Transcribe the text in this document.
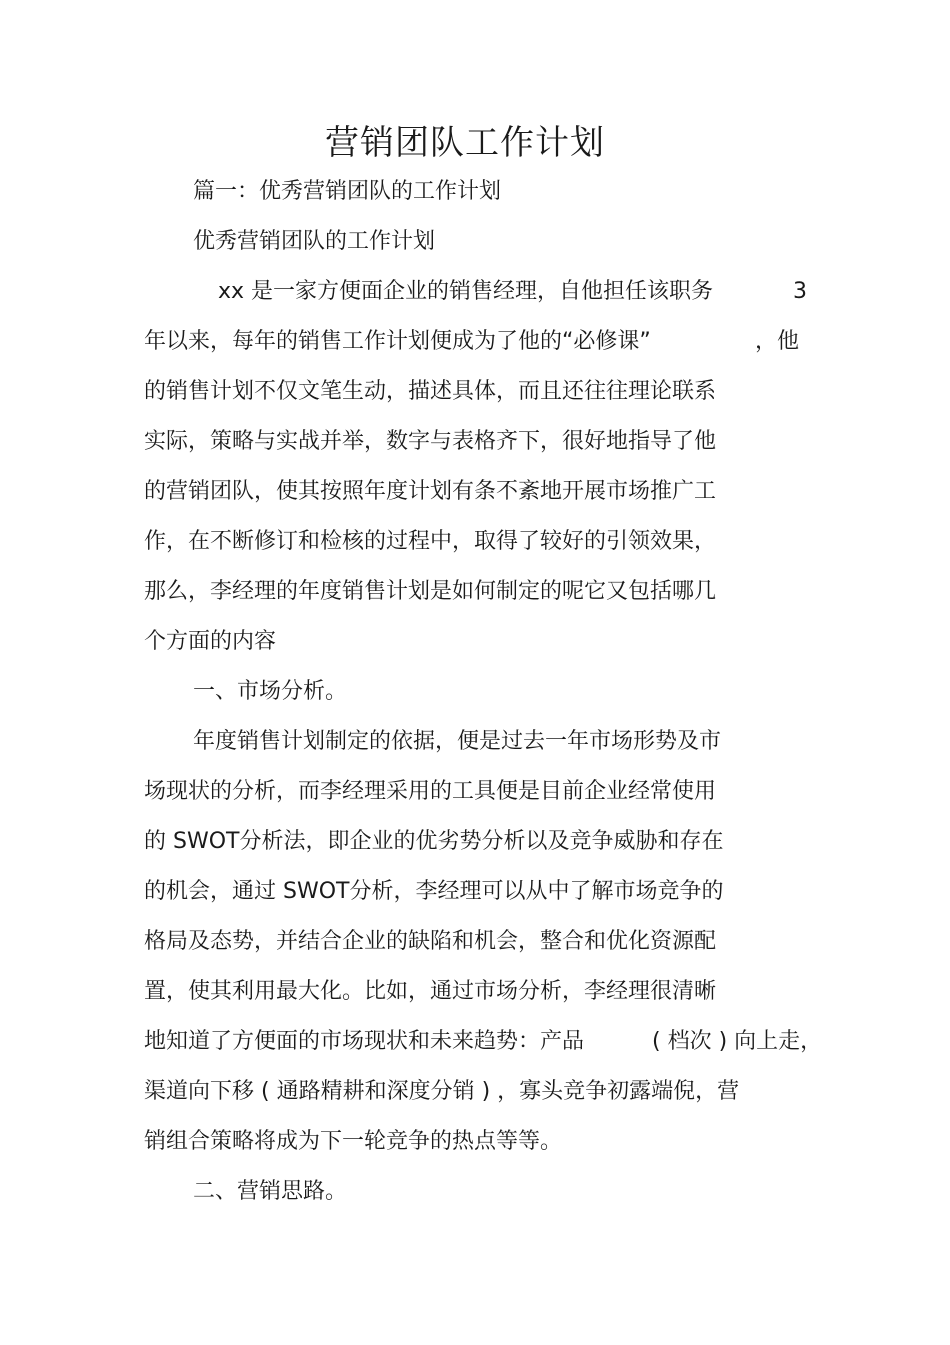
营销团队工作计划
篇一：优秀营销团队的工作计划
优秀营销团队的工作计划
xx 是一家方便面企业的销售经理，自他担任该职务	3
年以来，每年的销售工作计划便成为了他的“必修课”	，他
的销售计划不仅文笔生动，描述具体，而且还往往理论联系
实际，策略与实战并举，数字与表格齐下，很好地指导了他
的营销团队，使其按照年度计划有条不紊地开展市场推广工
作，在不断修订和检核的过程中，取得了较好的引领效果，
那么，李经理的年度销售计划是如何制定的呢它又包括哪几
个方面的内容
一、市场分析。
年度销售计划制定的依据，便是过去一年市场形势及市
场现状的分析，而李经理采用的工具便是目前企业经常使用
的 SWOT分析法，即企业的优劣势分析以及竞争威胁和存在
的机会，通过 SWOT分析，李经理可以从中了解市场竞争的
格局及态势，并结合企业的缺陷和机会，整合和优化资源配
置，使其利用最大化。比如，通过市场分析，李经理很清晰
地知道了方便面的市场现状和未来趋势：产品	( 档次 ) 向上走，
渠道向下移 ( 通路精耕和深度分销 ) ，寡头竞争初露端倪，营
销组合策略将成为下一轮竞争的热点等等。
二、营销思路。
